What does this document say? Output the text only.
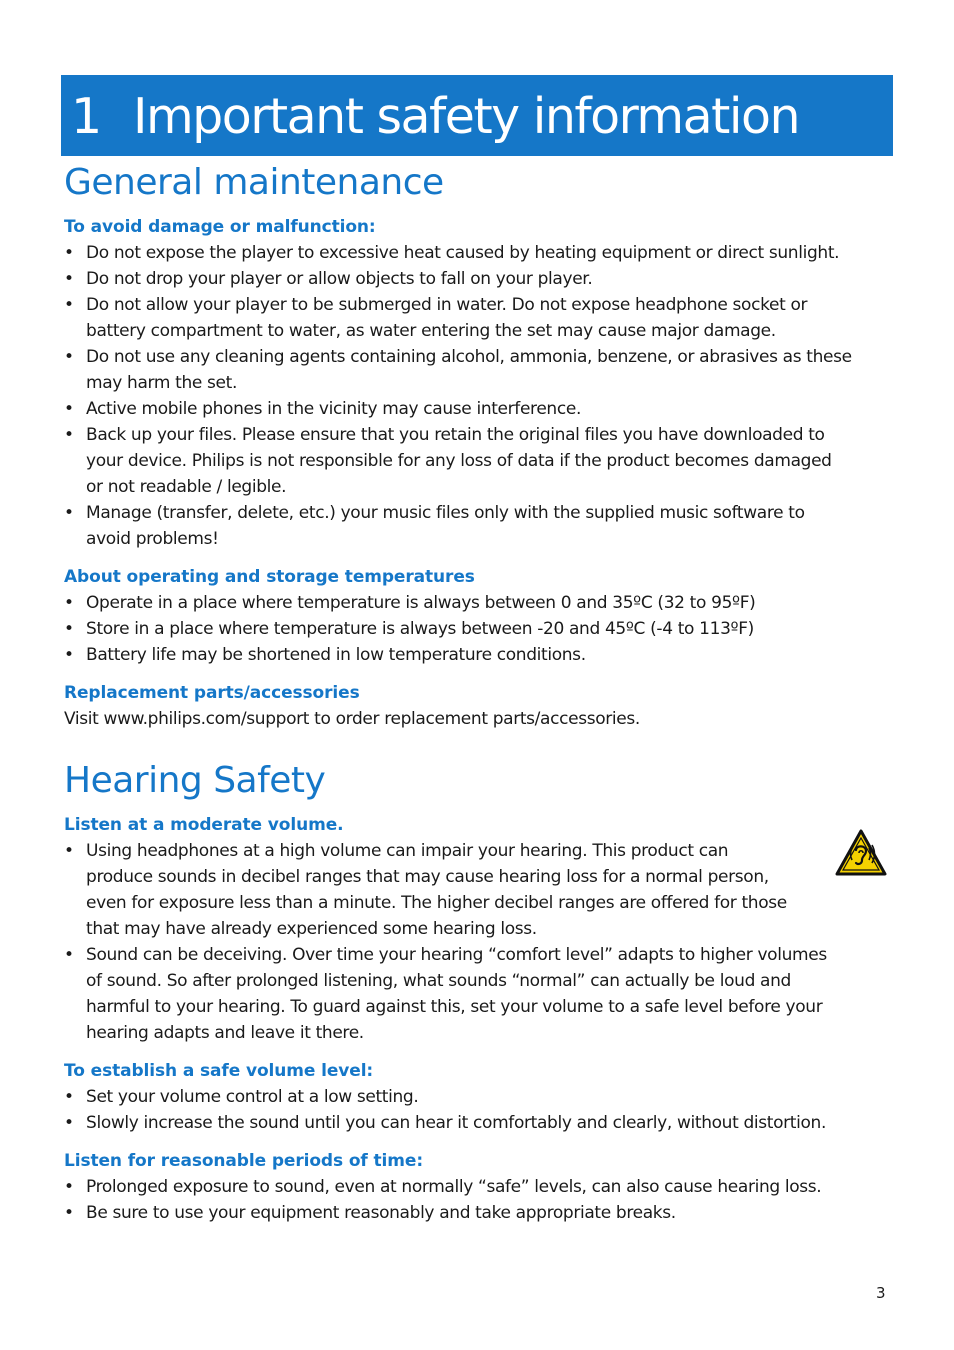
1 Important safety information
General maintenance
To avoid damage or malfunction:
• Do not expose the player to excessive heat caused by heating equipment or direct sunlight.
• Do not drop your player or allow objects to fall on your player.
• Do not allow your player to be submerged in water. Do not expose headphone socket or
battery compartment to water, as water entering the set may cause major damage.
• Do not use any cleaning agents containing alcohol, ammonia, benzene, or abrasives as these
may harm the set.
• Active mobile phones in the vicinity may cause interference.
• Back up your files. Please ensure that you retain the original files you have downloaded to
your device. Philips is not responsible for any loss of data if the product becomes damaged
or not readable / legible.
• Manage (transfer, delete, etc.) your music files only with the supplied music software to
avoid problems!
About operating and storage temperatures
• Operate in a place where temperature is always between 0 and 35ºC (32 to 95ºF)
• Store in a place where temperature is always between -20 and 45ºC (-4 to 113ºF)
• Battery life may be shortened in low temperature conditions.
Replacement parts/accessories

Visit www.philips.com/support to order replacement parts/accessories.

Hearing Safety
Listen at a moderate volume.
• Using headphones at a high volume can impair your hearing. This product can
produce sounds in decibel ranges that may cause hearing loss for a normal person,
even for exposure less than a minute. The higher decibel ranges are offered for those
that may have already experienced some hearing loss.
• Sound can be deceiving. Over time your hearing “comfort level” adapts to higher volumes
of sound. So after prolonged listening, what sounds “normal” can actually be loud and
harmful to your hearing. To guard against this, set your volume to a safe level before your
hearing adapts and leave it there.
To establish a safe volume level:
• Set your volume control at a low setting.
• Slowly increase the sound until you can hear it comfortably and clearly, without distortion.
Listen for reasonable periods of time:
• Prolonged exposure to sound, even at normally “safe” levels, can also cause hearing loss.
• Be sure to use your equipment reasonably and take appropriate breaks.
3
